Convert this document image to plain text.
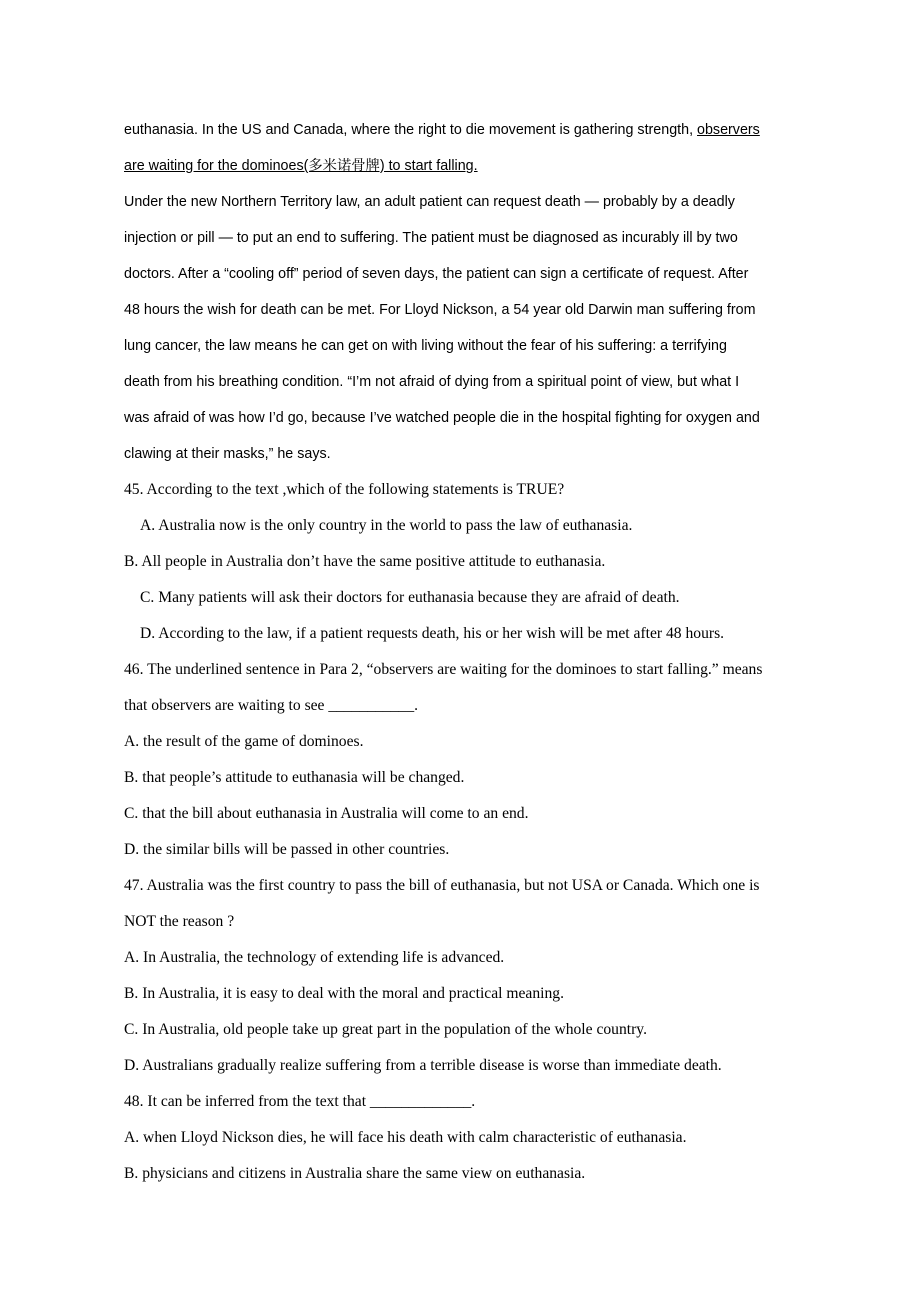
euthanasia. In the US and Canada, where the right to die movement is gathering strength, observers
are waiting for the dominoes(多米诺骨牌) to start falling.
Under the new Northern Territory law, an adult patient can request death — probably by a deadly
injection or pill — to put an end to suffering. The patient must be diagnosed as incurably ill by two
doctors. After a “cooling off” period of seven days, the patient can sign a certificate of request. After
48 hours the wish for death can be met. For Lloyd Nickson, a 54 year old Darwin man suffering from
lung cancer, the law means he can get on with living without the fear of his suffering: a terrifying
death from his breathing condition. “I’m not afraid of dying from a spiritual point of view, but what I
was afraid of was how I’d go, because I’ve watched people die in the hospital fighting for oxygen and
clawing at their masks,” he says.
45. According to the text ,which of the following statements is TRUE?
A. Australia now is the only country in the world to pass the law of euthanasia.
B. All people in Australia don’t have the same positive attitude to euthanasia.
C. Many patients will ask their doctors for euthanasia because they are afraid of death.
D. According to the law, if a patient requests death, his or her wish will be met after 48 hours.
46. The underlined sentence in Para 2, “observers are waiting for the dominoes to start falling.” means
that observers are waiting to see ___________.
A. the result of the game of dominoes.
B. that people’s attitude to euthanasia will be changed.
C. that the bill about euthanasia in Australia will come to an end.
D. the similar bills will be passed in other countries.
47. Australia was the first country to pass the bill of euthanasia, but not USA or Canada. Which one is
NOT the reason ?
A. In Australia, the technology of extending life is advanced.
B. In Australia, it is easy to deal with the moral and practical meaning.
C. In Australia, old people take up great part in the population of the whole country.
D. Australians gradually realize suffering from a terrible disease is worse than immediate death.
48. It can be inferred from the text that _____________.
A. when Lloyd Nickson dies, he will face his death with calm characteristic of euthanasia.
B. physicians and citizens in Australia share the same view on euthanasia.
